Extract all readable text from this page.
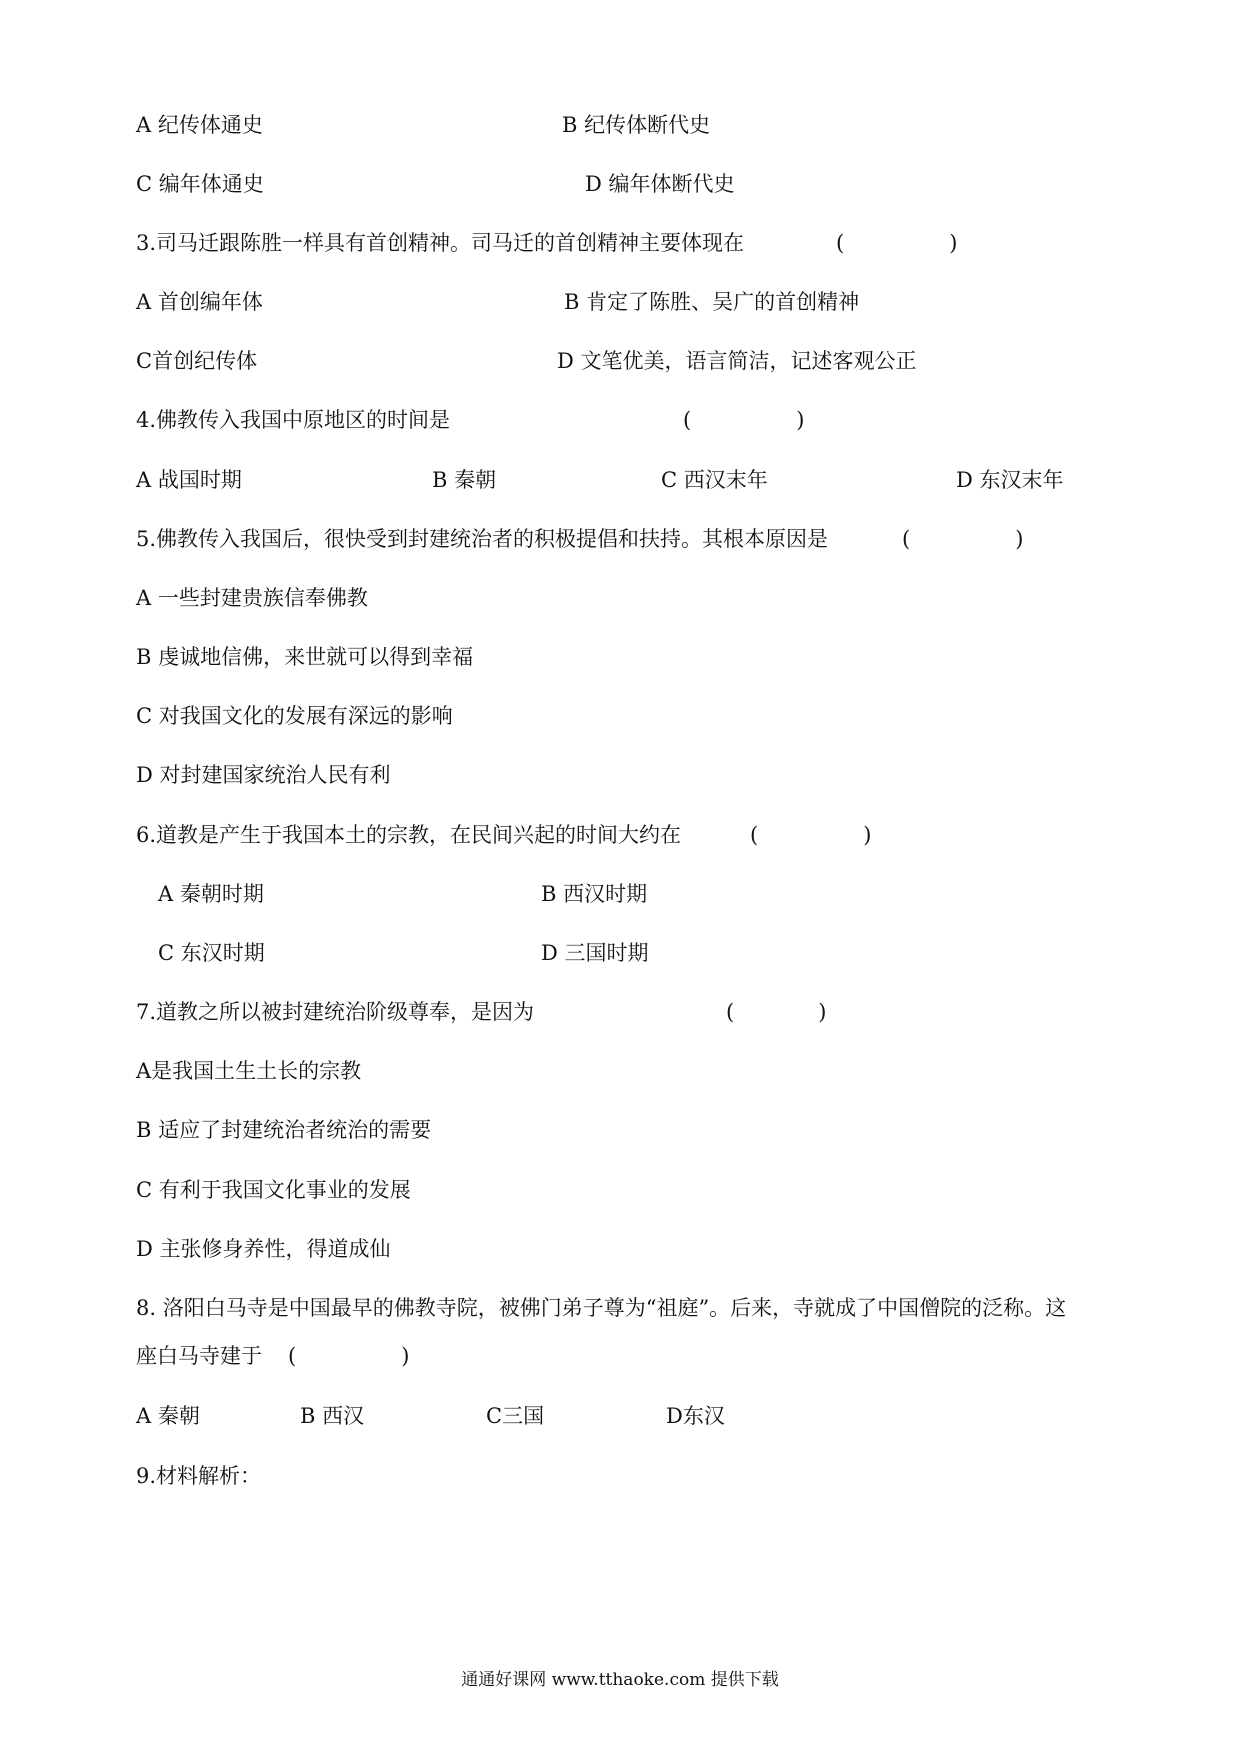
A 纪传体通史	B 纪传体断代史
C 编年体通史	D 编年体断代史
3.司马迁跟陈胜一样具有首创精神。司马迁的首创精神主要体现在	(　　　　　)
A 首创编年体	B 肯定了陈胜、吴广的首创精神
C首创纪传体	D 文笔优美，语言简洁，记述客观公正
4.佛教传入我国中原地区的时间是	(　　　　　)
A 战国时期	B 秦朝	C 西汉末年	D 东汉末年
5.佛教传入我国后，很快受到封建统治者的积极提倡和扶持。其根本原因是	(　　　　　)
A 一些封建贵族信奉佛教
B 虔诚地信佛，来世就可以得到幸福
C 对我国文化的发展有深远的影响
D 对封建国家统治人民有利
6.道教是产生于我国本土的宗教，在民间兴起的时间大约在	(　　　　　)
A 秦朝时期	B 西汉时期
C 东汉时期	D 三国时期
7.道教之所以被封建统治阶级尊奉，是因为	(　　　　)
A是我国土生土长的宗教
B 适应了封建统治者统治的需要
C 有利于我国文化事业的发展
D 主张修身养性，得道成仙
8. 洛阳白马寺是中国最早的佛教寺院，被佛门弟子尊为“祖庭”。后来，寺就成了中国僧院的泛称。这
座白马寺建于 (　　　　　)
A 秦朝	B 西汉	C三国	D东汉
9.材料解析：
通通好课网 www.tthaoke.com 提供下载
